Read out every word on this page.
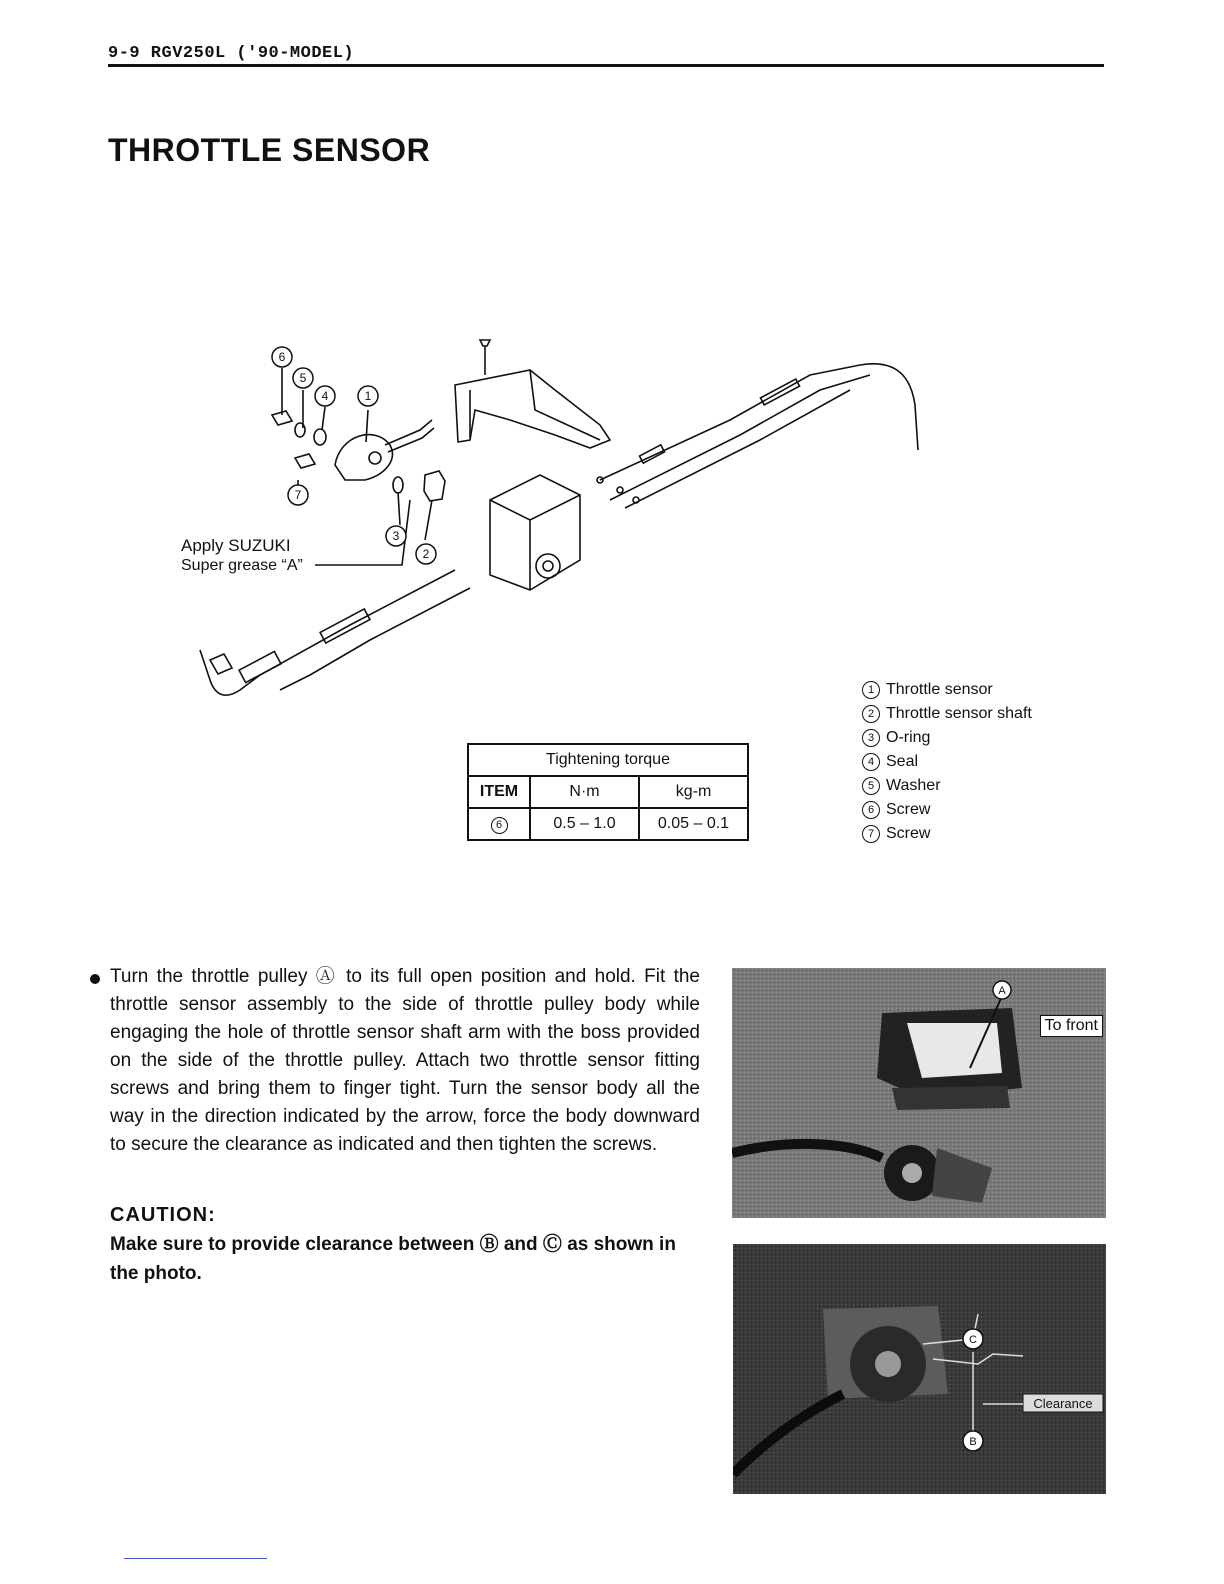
9-9 RGV250L ('90-MODEL)
THROTTLE SENSOR
6
5
4	1
7
3
2
Apply SUZUKI
Super grease “A”
1 Throttle sensor
2 Throttle sensor shaft
3 O-ring
4 Seal
5 Washer
6 Screw
7 Screw
Tightening torque		
ITEM	N·m	kg-m
6	0.5 – 1.0	0.05 – 0.1
Turn the throttle pulley Ⓐ to its full open position and hold. Fit the throttle sensor assembly to the side of throttle pulley body while engaging the hole of throttle sensor shaft arm with the boss provided on the side of the throttle pulley. Attach two throttle sensor fitting screws and bring them to finger tight. Turn the sensor body all the way in the direction indicated by the arrow, force the body downward to secure the clearance as indicated and then tighten the screws.
CAUTION:
Make sure to provide clearance between Ⓑ and Ⓒ as shown in the photo.
A
To front
C
B
Clearance
